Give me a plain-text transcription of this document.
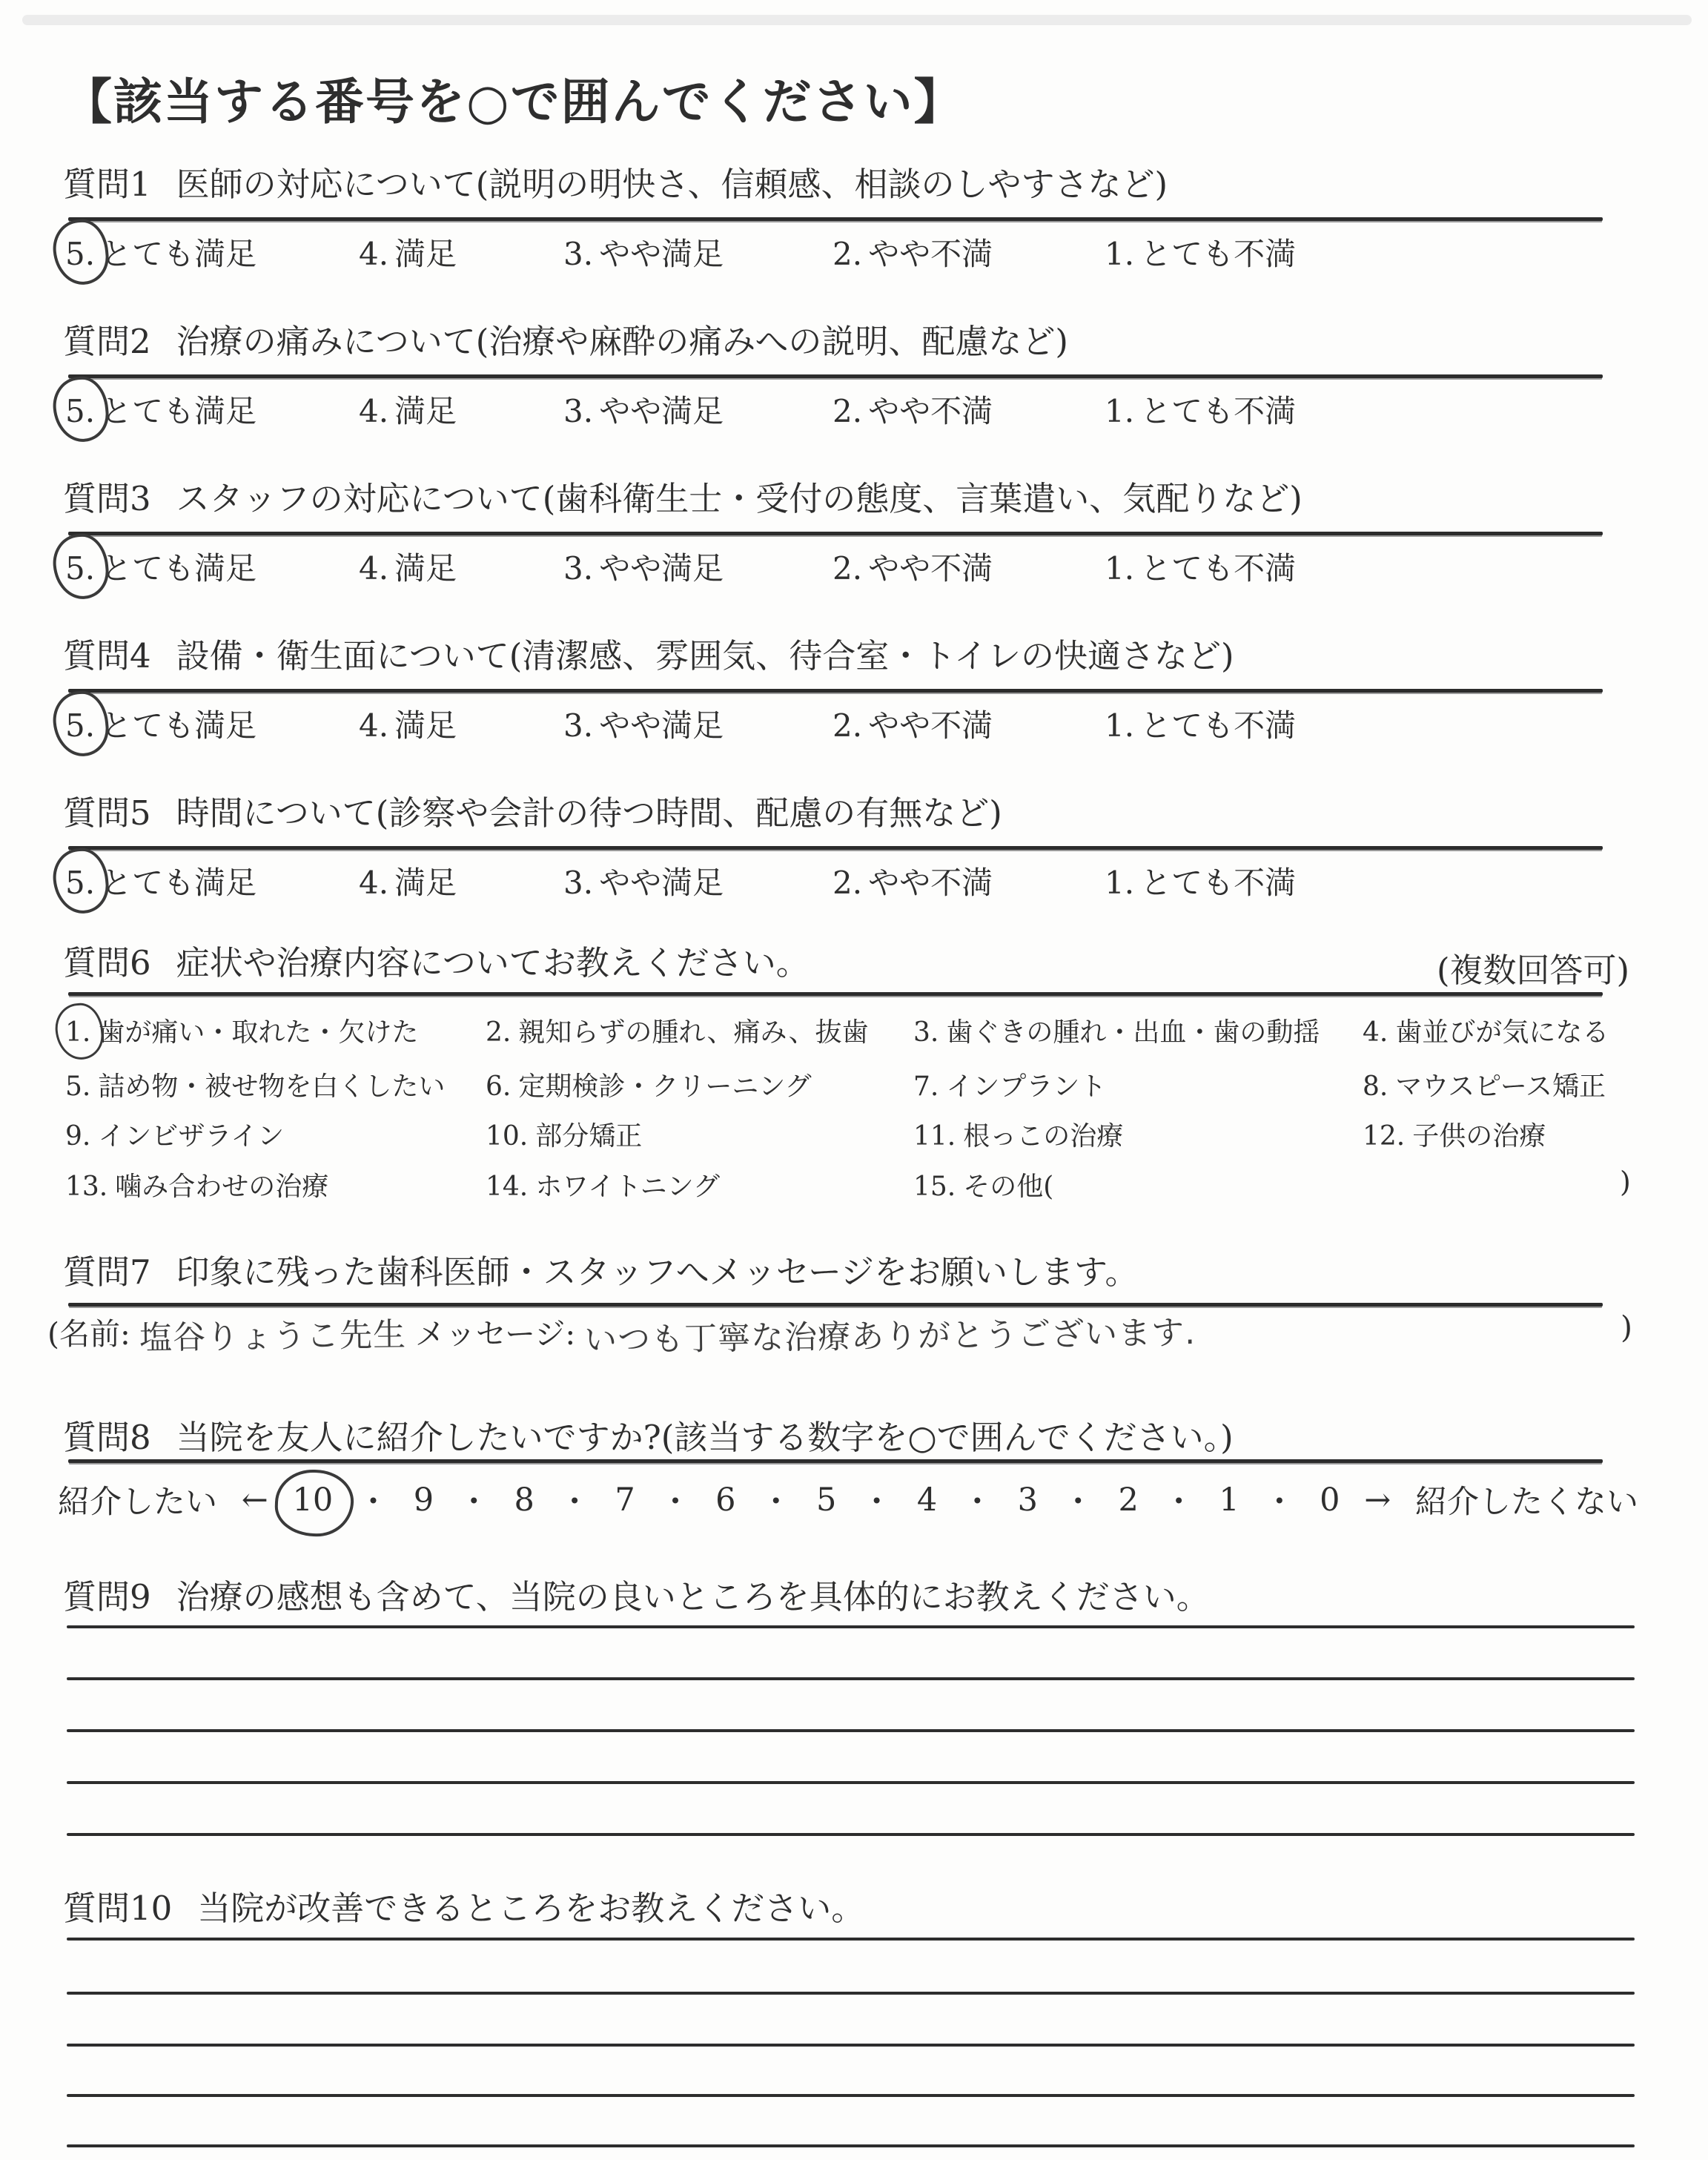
【該当する番号を○で囲んでください】
質問1 医師の対応について(説明の明快さ、信頼感、相談のしやすさなど)
5. とても満足	4. 満足	3. やや満足	2. やや不満	1. とても不満
質問2 治療の痛みについて(治療や麻酔の痛みへの説明、配慮など)
5. とても満足	4. 満足	3. やや満足	2. やや不満	1. とても不満
質問3 スタッフの対応について(歯科衛生士・受付の態度、言葉遣い、気配りなど)
5. とても満足	4. 満足	3. やや満足	2. やや不満	1. とても不満
質問4 設備・衛生面について(清潔感、雰囲気、待合室・トイレの快適さなど)
5. とても満足	4. 満足	3. やや満足	2. やや不満	1. とても不満
質問5 時間について(診察や会計の待つ時間、配慮の有無など)
5. とても満足	4. 満足	3. やや満足	2. やや不満	1. とても不満
質問6 症状や治療内容についてお教えください。	(複数回答可)
1. 歯が痛い・取れた・欠けた	2. 親知らずの腫れ、痛み、抜歯 3. 歯ぐきの腫れ・出血・歯の動揺 4. 歯並びが気になる
5. 詰め物・被せ物を白くしたい 6. 定期検診・クリーニング	7. インプラント	8. マウスピース矯正
9. インビザライン	10. 部分矯正	11. 根っこの治療	12. 子供の治療
13. 噛み合わせの治療	14. ホワイトニング	15. その他(	)
質問7 印象に残った歯科医師・スタッフへメッセージをお願いします。
(名前: 塩谷りょうこ先生 メッセージ: いつも丁寧な治療ありがとうございます.	)
質問8 当院を友人に紹介したいですか?(該当する数字を○で囲んでください。)
紹介したい ← 10 ・ 9 ・ 8 ・ 7 ・ 6 ・ 5 ・ 4 ・ 3 ・ 2 ・ 1 ・ 0 → 紹介したくない
質問9 治療の感想も含めて、当院の良いところを具体的にお教えください。
質問10 当院が改善できるところをお教えください。
